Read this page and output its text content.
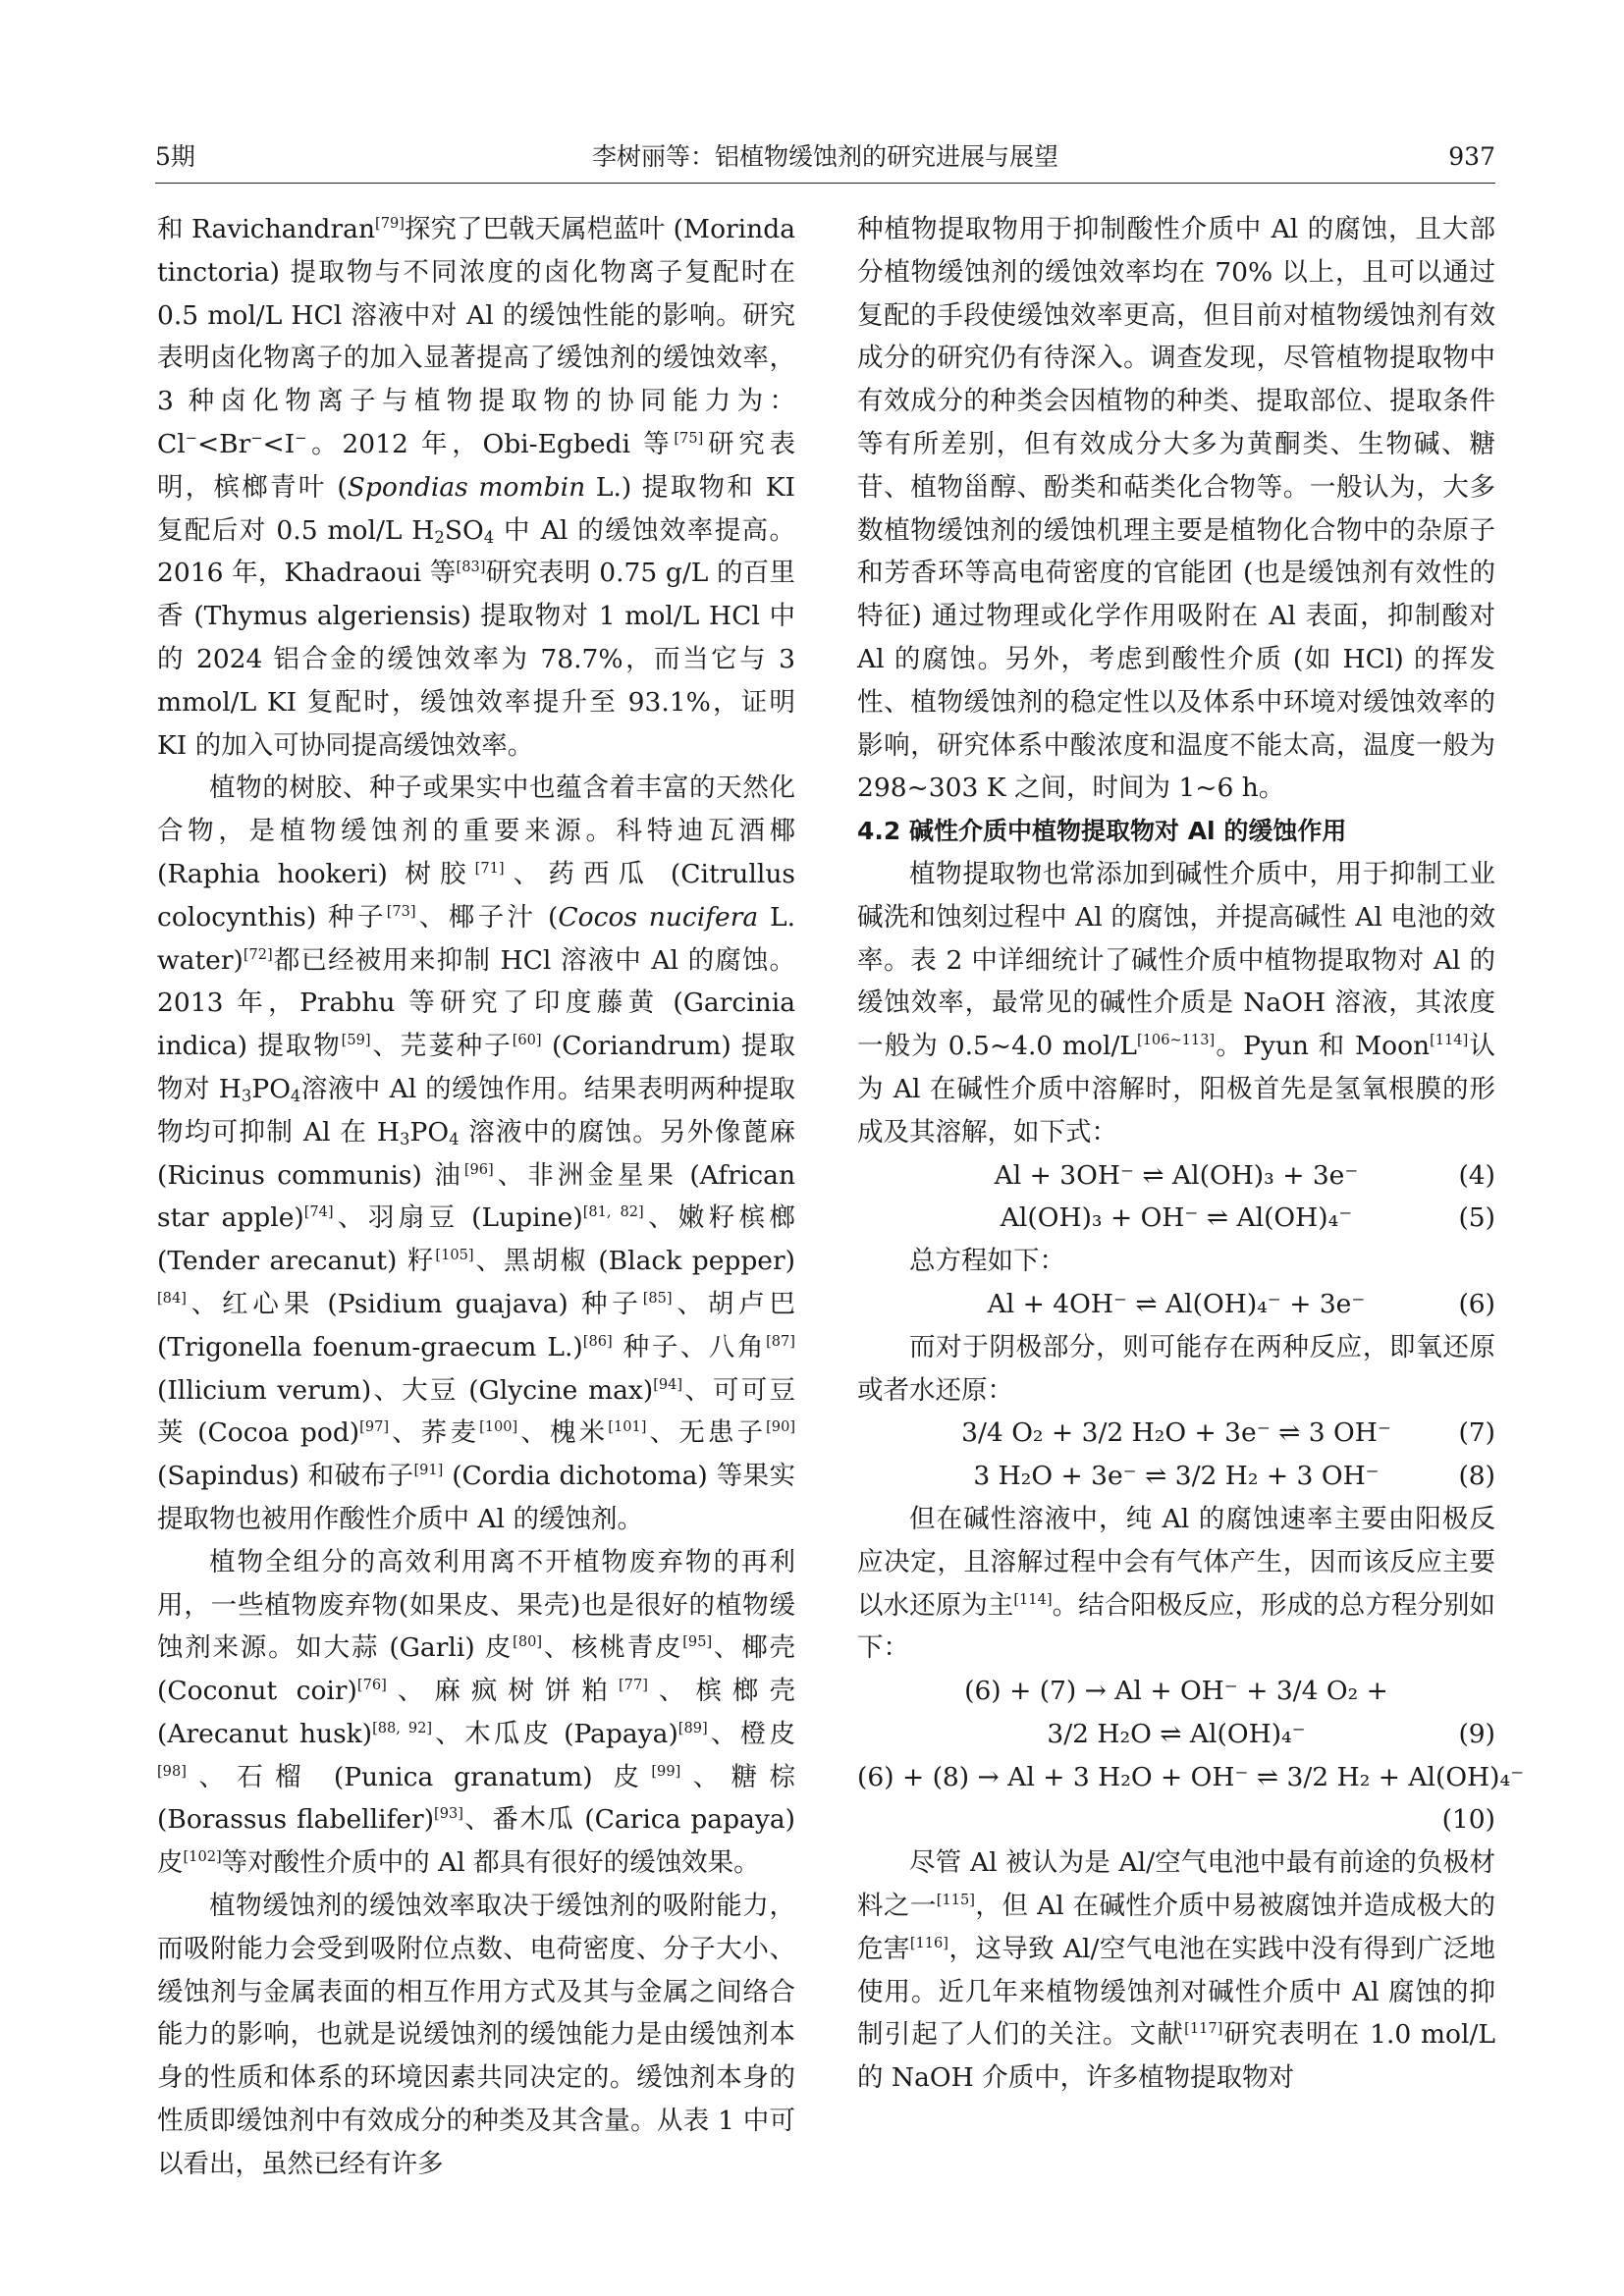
5期	李树丽等：铝植物缓蚀剂的研究进展与展望	937

和 Ravichandran[79]探究了巴戟天属桤蓝叶 (Morinda tinctoria) 提取物与不同浓度的卤化物离子复配时在 0.5 mol/L HCl 溶液中对 Al 的缓蚀性能的影响。研究表明卤化物离子的加入显著提高了缓蚀剂的缓蚀效率，3 种卤化物离子与植物提取物的协同能力为：Cl−<Br−<I−。2012 年，Obi-Egbedi 等[75]研究表明，槟榔青叶 (Spondias mombin L.) 提取物和 KI 复配后对 0.5 mol/L $H_2SO_4$ 中 Al 的缓蚀效率提高。2016 年，Khadraoui 等[83]研究表明 0.75 g/L 的百里香 (Thymus algeriensis) 提取物对 1 mol/L HCl 中的 2024 铝合金的缓蚀效率为 78.7%，而当它与 3 mmol/L KI 复配时，缓蚀效率提升至 93.1%，证明 KI 的加入可协同提高缓蚀效率。

植物的树胶、种子或果实中也蕴含着丰富的天然化合物，是植物缓蚀剂的重要来源。科特迪瓦酒椰 (Raphia hookeri) 树胶[71]、药西瓜 (Citrullus colocynthis) 种子[73]、椰子汁 (Cocos nucifera L. water)[72]都已经被用来抑制 HCl 溶液中 Al 的腐蚀。2013 年，Prabhu 等研究了印度藤黄 (Garcinia indica) 提取物[59]、芫荽种子[60] (Coriandrum) 提取物对 $H_3PO_4$溶液中 Al 的缓蚀作用。结果表明两种提取物均可抑制 Al 在 $H_3PO_4$ 溶液中的腐蚀。另外像蓖麻 (Ricinus communis) 油[96]、非洲金星果 (African star apple)[74]、羽扇豆 (Lupine)[81, 82]、嫩籽槟榔 (Tender arecanut) 籽[105]、黑胡椒 (Black pepper)[84]、红心果 (Psidium guajava) 种子[85]、胡卢巴 (Trigonella foenum-graecum L.)[86] 种子、八角[87](Illicium verum)、大豆 (Glycine max)[94]、可可豆荚 (Cocoa pod)[97]、荞麦[100]、槐米[101]、无患子[90] (Sapindus) 和破布子[91] (Cordia dichotoma) 等果实提取物也被用作酸性介质中 Al 的缓蚀剂。

植物全组分的高效利用离不开植物废弃物的再利用，一些植物废弃物(如果皮、果壳)也是很好的植物缓蚀剂来源。如大蒜 (Garli) 皮[80]、核桃青皮[95]、椰壳 (Coconut coir)[76]、麻疯树饼粕[77]、槟榔壳 (Arecanut husk)[88, 92]、木瓜皮 (Papaya)[89]、橙皮[98]、石榴 (Punica granatum) 皮[99]、糖棕 (Borassus flabellifer)[93]、番木瓜 (Carica papaya) 皮[102]等对酸性介质中的 Al 都具有很好的缓蚀效果。

植物缓蚀剂的缓蚀效率取决于缓蚀剂的吸附能力，而吸附能力会受到吸附位点数、电荷密度、分子大小、缓蚀剂与金属表面的相互作用方式及其与金属之间络合能力的影响，也就是说缓蚀剂的缓蚀能力是由缓蚀剂本身的性质和体系的环境因素共同决定的。缓蚀剂本身的性质即缓蚀剂中有效成分的种类及其含量。从表 1 中可以看出，虽然已经有许多

种植物提取物用于抑制酸性介质中 Al 的腐蚀，且大部分植物缓蚀剂的缓蚀效率均在 70% 以上，且可以通过复配的手段使缓蚀效率更高，但目前对植物缓蚀剂有效成分的研究仍有待深入。调查发现，尽管植物提取物中有效成分的种类会因植物的种类、提取部位、提取条件等有所差别，但有效成分大多为黄酮类、生物碱、糖苷、植物甾醇、酚类和萜类化合物等。一般认为，大多数植物缓蚀剂的缓蚀机理主要是植物化合物中的杂原子和芳香环等高电荷密度的官能团 (也是缓蚀剂有效性的特征) 通过物理或化学作用吸附在 Al 表面，抑制酸对 Al 的腐蚀。另外，考虑到酸性介质 (如 HCl) 的挥发性、植物缓蚀剂的稳定性以及体系中环境对缓蚀效率的影响，研究体系中酸浓度和温度不能太高，温度一般为 298~303 K 之间，时间为 1~6 h。

4.2 碱性介质中植物提取物对 Al 的缓蚀作用

植物提取物也常添加到碱性介质中，用于抑制工业碱洗和蚀刻过程中 Al 的腐蚀，并提高碱性 Al 电池的效率。表 2 中详细统计了碱性介质中植物提取物对 Al 的缓蚀效率，最常见的碱性介质是 NaOH 溶液，其浓度一般为 0.5~4.0 mol/L[106~113]。Pyun 和 Moon[114]认为 Al 在碱性介质中溶解时，阳极首先是氢氧根膜的形成及其溶解，如下式：

Al + 3OH⁻ ⇌ Al(OH)₃ + 3e⁻	(4)
Al(OH)₃ + OH⁻ ⇌ Al(OH)₄⁻	(5)

总方程如下：

Al + 4OH⁻ ⇌ Al(OH)₄⁻ + 3e⁻	(6)

而对于阴极部分，则可能存在两种反应，即氧还原或者水还原：

3/4 O₂ + 3/2 H₂O + 3e⁻ ⇌ 3 OH⁻	(7)
3 H₂O + 3e⁻ ⇌ 3/2 H₂ + 3 OH⁻	(8)

但在碱性溶液中，纯 Al 的腐蚀速率主要由阳极反应决定，且溶解过程中会有气体产生，因而该反应主要以水还原为主[114]。结合阳极反应，形成的总方程分别如下：

(6) + (7) → Al + OH⁻ + 3/4 O₂ +
3/2 H₂O ⇌ Al(OH)₄⁻	(9)
(6) + (8) → Al + 3 H₂O + OH⁻ ⇌ 3/2 H₂ + Al(OH)₄⁻
(10)

尽管 Al 被认为是 Al/空气电池中最有前途的负极材料之一[115]，但 Al 在碱性介质中易被腐蚀并造成极大的危害[116]，这导致 Al/空气电池在实践中没有得到广泛地使用。近几年来植物缓蚀剂对碱性介质中 Al 腐蚀的抑制引起了人们的关注。文献[117]研究表明在 1.0 mol/L 的 NaOH 介质中，许多植物提取物对
